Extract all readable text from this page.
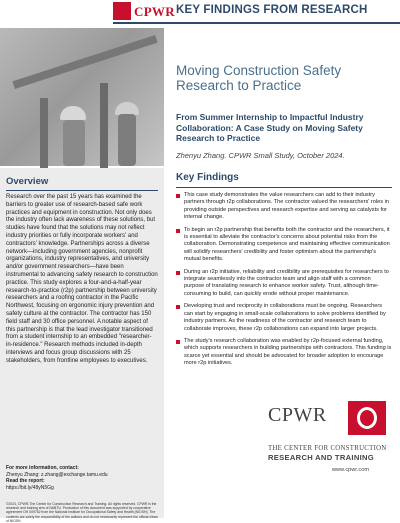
CPWR KEY FINDINGS FROM RESEARCH
Moving Construction Safety Research to Practice
From Summer Internship to Impactful Industry Collaboration: A Case Study on Moving Safety Research to Practice
Zhenyu Zhang. CPWR Small Study, October 2024.
Overview
Research over the past 15 years has examined the barriers to greater use of research-based safe work practices and equipment in construction. Not only does the industry often lack awareness of these solutions, but studies have found that the solutions may not reflect industry priorities or fully incorporate workers' and contractors' knowledge. Partnerships across a diverse network—including government agencies, nonprofit organizations, industry representatives, and university and/or government researchers—have been instrumental to advancing safety research to construction practice. This study explores a four-and-a-half-year research-to-practice (r2p) partnership between university researchers and a roofing contractor in the Pacific Northwest, focusing on ergonomic injury prevention and safety culture at the contractor. The contractor has 150 field staff and 30 office personnel. A notable aspect of this partnership is that the lead investigator transitioned from a student internship to an embedded "researcher-in-residence." Research methods included in-depth interviews and focus group discussions with 25 stakeholders, from frontline employees to executives.
For more information, contact:
Zhenyu Zhang: z.zhang@exchange.tamu.edu
Read the report:
https://bit.ly/48yN5Gg
©2024, CPWR-The Center for Construction Research and Training. All rights reserved. CPWR is the research and training arm of NABTU. Production of this document was supported by cooperative agreement OH 009762 from the National Institute for Occupational Safety and Health (NIOSH). The contents are solely the responsibility of the authors and do not necessarily represent the official views of NIOSH.
Key Findings
This case study demonstrates the value researchers can add to their industry partners through r2p collaborations. The contractor valued the researchers' roles in providing outside perspectives and research expertise and serving as catalysts for internal change.
To begin an r2p partnership that benefits both the contractor and the researchers, it is essential to alleviate the contractor's concerns about potential risks from the collaboration. Demonstrating competence and maintaining effective communication will solidify researchers' credibility and foster optimism about the partnership's mutual benefits.
During an r2p initiative, reliability and credibility are prerequisites for researchers to integrate seamlessly into the contractor team and align staff with a common purpose of translating research to enhance worker safety. Trust, although time-consuming to build, can quickly erode without proper maintenance.
Developing trust and reciprocity in collaborations must be ongoing. Researchers can start by engaging in small-scale collaborations to solve problems identified by industry partners. As the readiness of the contractor and research team to collaborate improves, these r2p collaborations can expand into larger projects.
The study's research collaboration was enabled by r2p-focused external funding, which supports researchers in building partnerships with contractors. This funding is scarce yet essential and should be advocated for broader adoption to encourage more r2p initiatives.
CPWR
THE CENTER FOR CONSTRUCTION
RESEARCH AND TRAINING
www.cpwr.com
